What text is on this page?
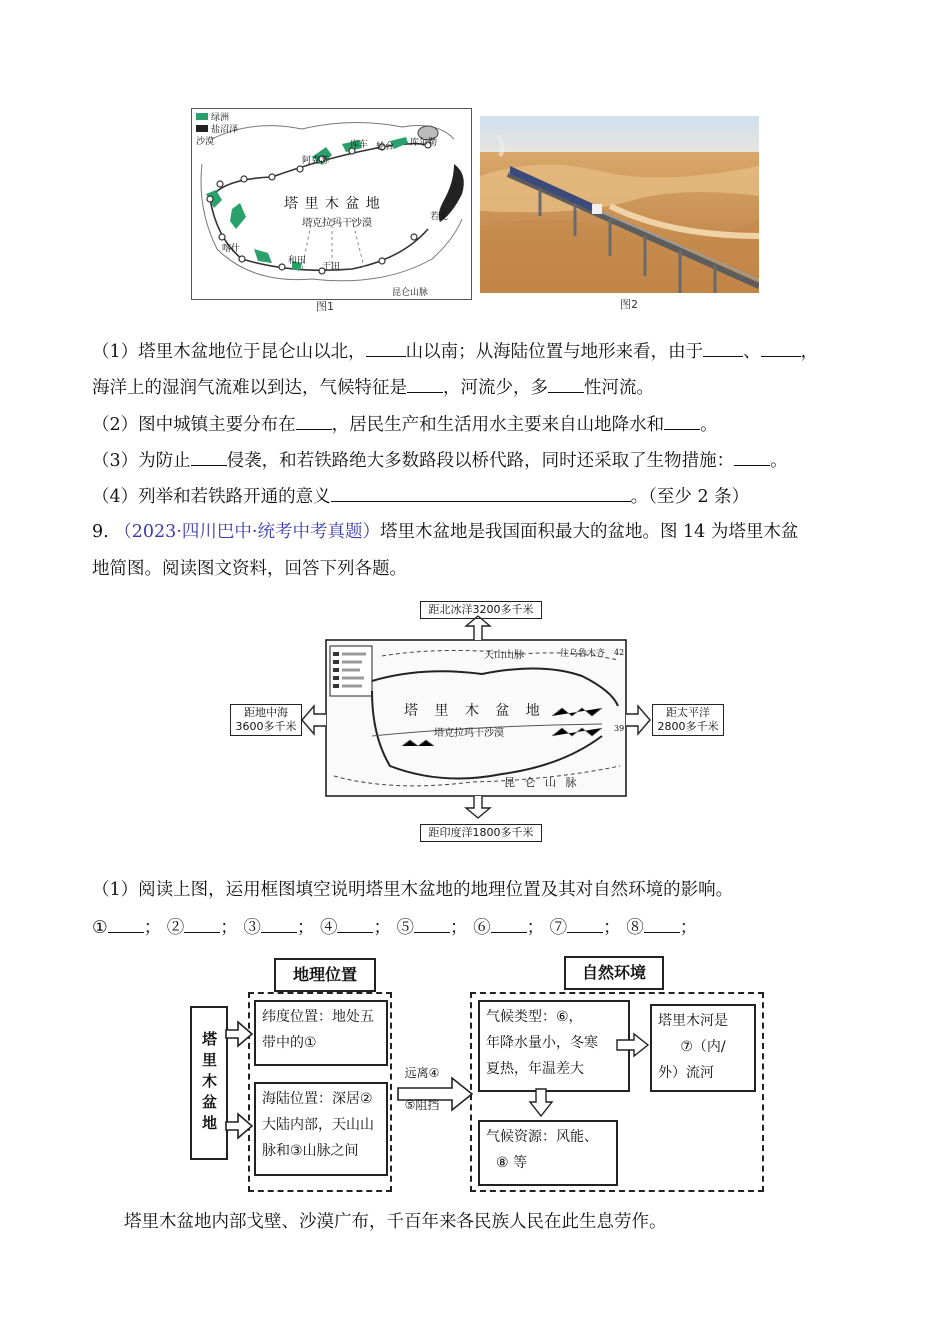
绿洲
盐沼泽
沙漠
塔 里 木 盆 地
塔克拉玛干沙漠
阿克苏
库车 轮台 库尔勒
喀什
和田
于田
若羌
昆仑山脉
图1	图2
（1）塔里木盆地位于昆仑山以北， 山以南；从海陆位置与地形来看，由于 、 ，
海洋上的湿润气流难以到达，气候特征是 ，河流少，多 性河流。
（2）图中城镇主要分布在 ，居民生产和生活用水主要来自山地降水和 。
（3）为防止 侵袭，和若铁路绝大多数路段以桥代路，同时还采取了生物措施： 。
（4）列举和若铁路开通的意义	。（至少 2 条）
9. （2023·四川巴中·统考中考真题）塔里木盆地是我国面积最大的盆地。图 14 为塔里木盆
地简图。阅读图文资料，回答下列各题。
距北冰洋3200多千米
距印度洋1800多千米
距地中海
3600多千米
距太平洋
2800多千米
塔 里 木 盆 地
塔克拉玛干沙漠
天山山脉
昆 仑 山 脉
往乌鲁木齐 42
39
（1）阅读上图，运用框图填空说明塔里木盆地的地理位置及其对自然环境的影响。
① ； ② ； ③ ； ④ ； ⑤ ； ⑥ ； ⑦ ； ⑧ ；
塔里木盆地
地理位置
纬度位置：地处五带中的①
海陆位置：深居②
大陆内部，天山山
脉和③山脉之间
远离④
⑤阻挡
自然环境
气候类型：⑥，
年降水量小，冬寒
夏热，年温差大
塔里木河是
⑦（内/
外）流河
气候资源：风能、
⑧ 等
塔里木盆地内部戈壁、沙漠广布，千百年来各民族人民在此生息劳作。
